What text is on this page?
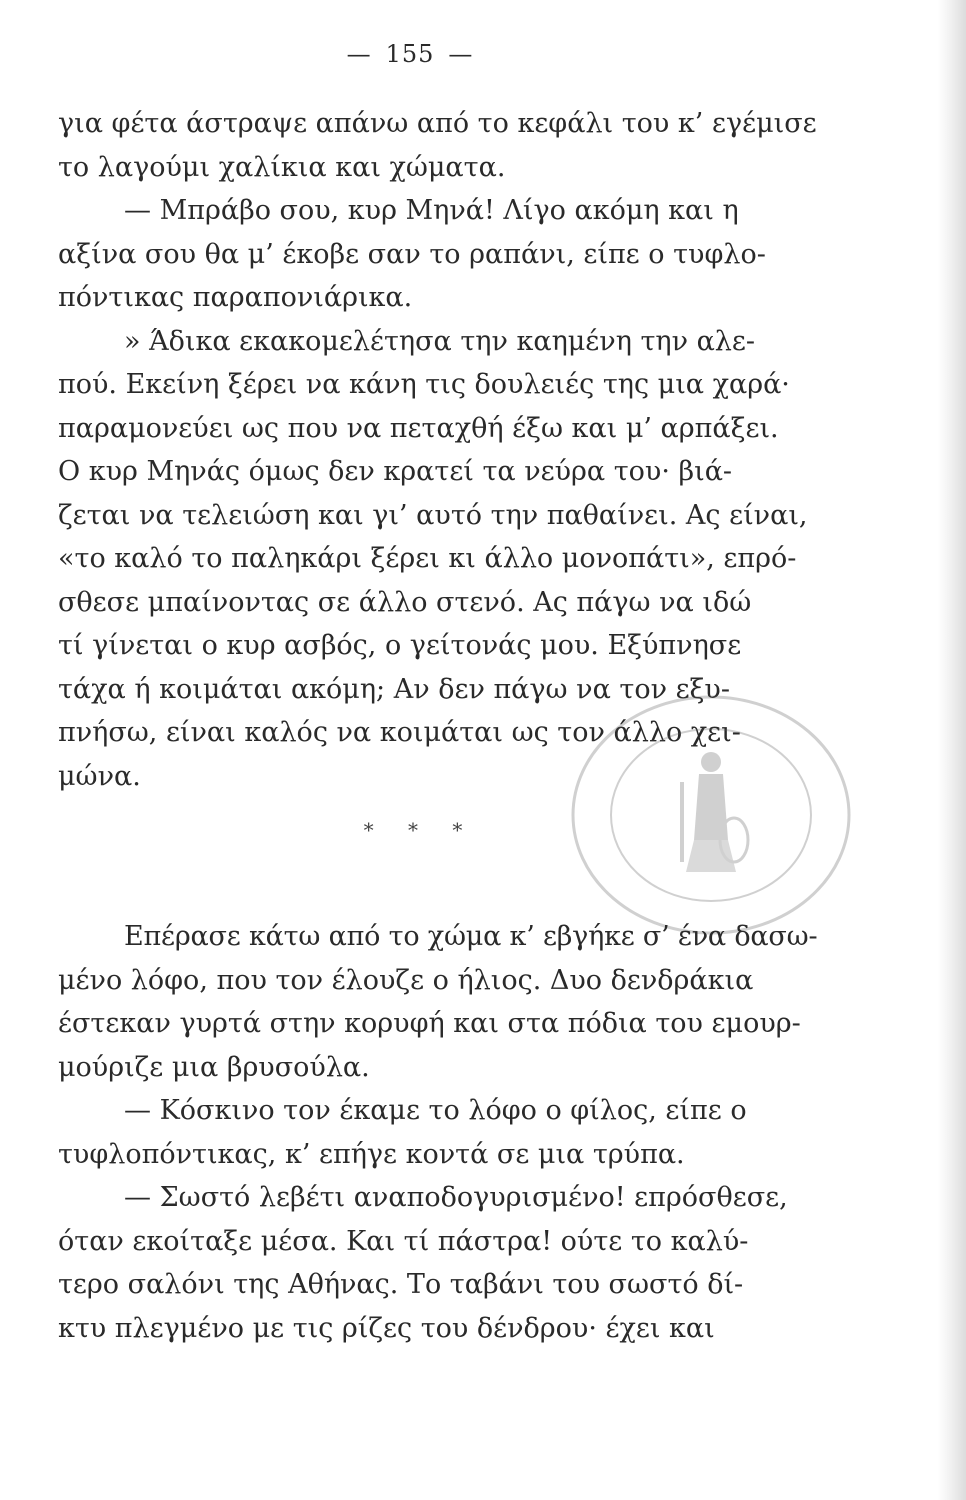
— 155 —
για φέτα άστραψε απάνω από το κεφάλι του κ’ εγέμισε
το λαγούμι χαλίκια και χώματα.
— Μπράβο σου, κυρ Μηνά! Λίγο ακόμη και η
αξίνα σου θα μ’ έκοβε σαν το ραπάνι, είπε ο τυφλο-
πόντικας παραπονιάρικα.
» Άδικα εκακομελέτησα την καημένη την αλε-
πού. Εκείνη ξέρει να κάνη τις δουλειές της μια χαρά·
παραμονεύει ως που να πεταχθή έξω και μ’ αρπάξει.
Ο κυρ Μηνάς όμως δεν κρατεί τα νεύρα του· βιά-
ζεται να τελειώση και γι’ αυτό την παθαίνει. Ας είναι,
«το καλό το παληκάρι ξέρει κι άλλο μονοπάτι», επρό-
σθεσε μπαίνοντας σε άλλο στενό. Ας πάγω να ιδώ
τί γίνεται ο κυρ ασβός, ο γείτονάς μου. Εξύπνησε
τάχα ή κοιμάται ακόμη; Αν δεν πάγω να τον εξυ-
πνήσω, είναι καλός να κοιμάται ως τον άλλο χει-
μώνα.
* * *
Επέρασε κάτω από το χώμα κ’ εβγήκε σ’ ένα δασω-
μένο λόφο, που τον έλουζε ο ήλιος. Δυο δενδράκια
έστεκαν γυρτά στην κορυφή και στα πόδια του εμουρ-
μούριζε μια βρυσούλα.
— Κόσκινο τον έκαμε το λόφο ο φίλος, είπε ο
τυφλοπόντικας, κ’ επήγε κοντά σε μια τρύπα.
— Σωστό λεβέτι αναποδογυρισμένο! επρόσθεσε,
όταν εκοίταξε μέσα. Και τί πάστρα! ούτε το καλύ-
τερο σαλόνι της Αθήνας. Το ταβάνι του σωστό δί-
κτυ πλεγμένο με τις ρίζες του δένδρου· έχει και
